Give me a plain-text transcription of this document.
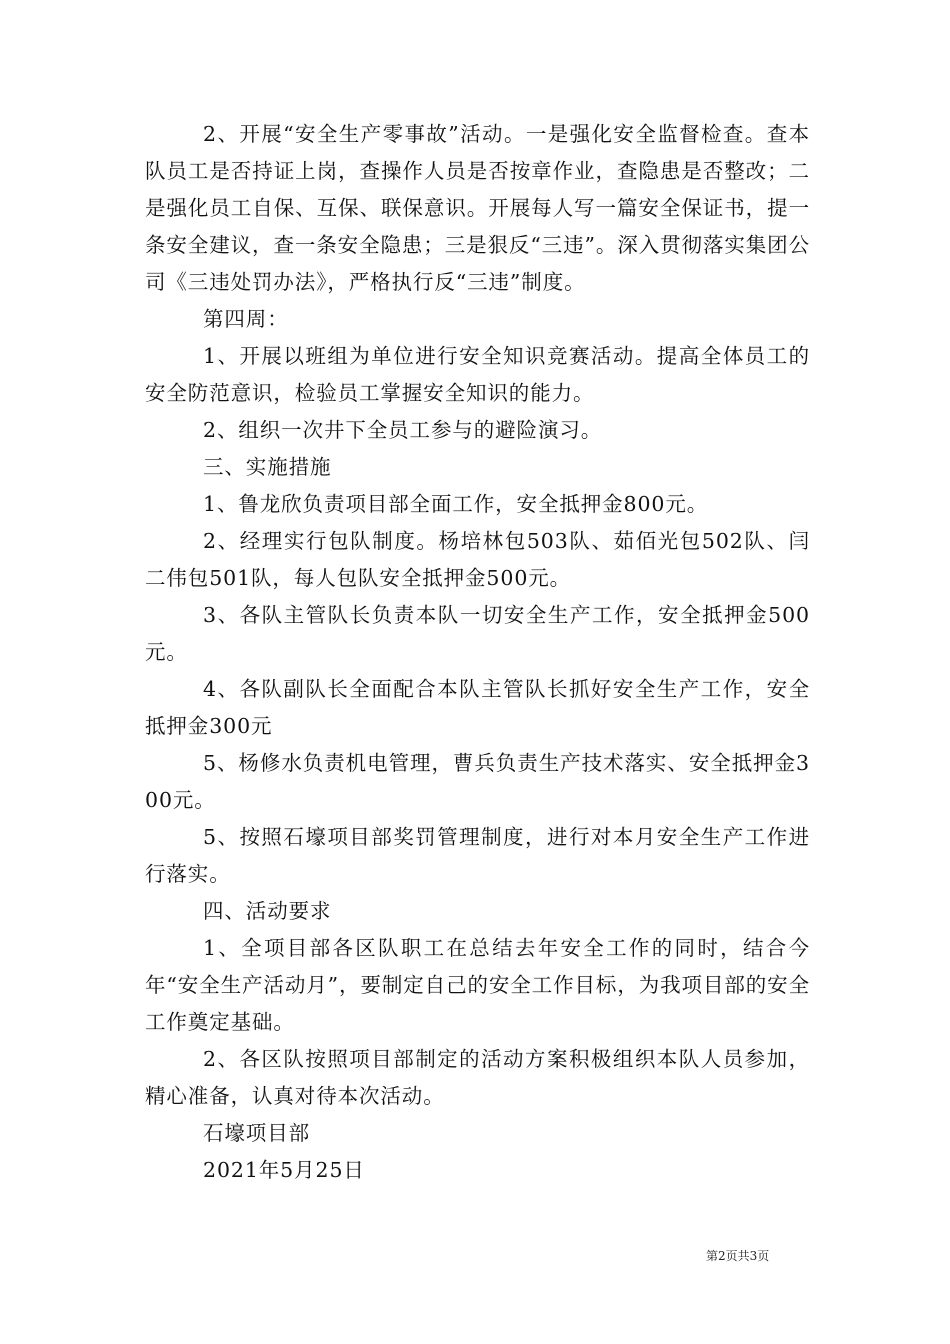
2、开展“安全生产零事故”活动。一是强化安全监督检查。查本队员工是否持证上岗，查操作人员是否按章作业，查隐患是否整改；二是强化员工自保、互保、联保意识。开展每人写一篇安全保证书，提一条安全建议，查一条安全隐患；三是狠反“三违”。深入贯彻落实集团公司《三违处罚办法》，严格执行反“三违”制度。

第四周：

1、开展以班组为单位进行安全知识竞赛活动。提高全体员工的安全防范意识，检验员工掌握安全知识的能力。

2、组织一次井下全员工参与的避险演习。

三、实施措施

1、鲁龙欣负责项目部全面工作，安全抵押金800元。

2、经理实行包队制度。杨培林包503队、茹佰光包502队、闫二伟包501队，每人包队安全抵押金500元。

3、各队主管队长负责本队一切安全生产工作，安全抵押金500元。

4、各队副队长全面配合本队主管队长抓好安全生产工作，安全抵押金300元

5、杨修水负责机电管理，曹兵负责生产技术落实、安全抵押金300元。

5、按照石壕项目部奖罚管理制度，进行对本月安全生产工作进行落实。

四、活动要求

1、全项目部各区队职工在总结去年安全工作的同时，结合今年“安全生产活动月”，要制定自己的安全工作目标，为我项目部的安全工作奠定基础。

2、各区队按照项目部制定的活动方案积极组织本队人员参加，精心准备，认真对待本次活动。

石壕项目部

2021年5月25日

第2页共3页
